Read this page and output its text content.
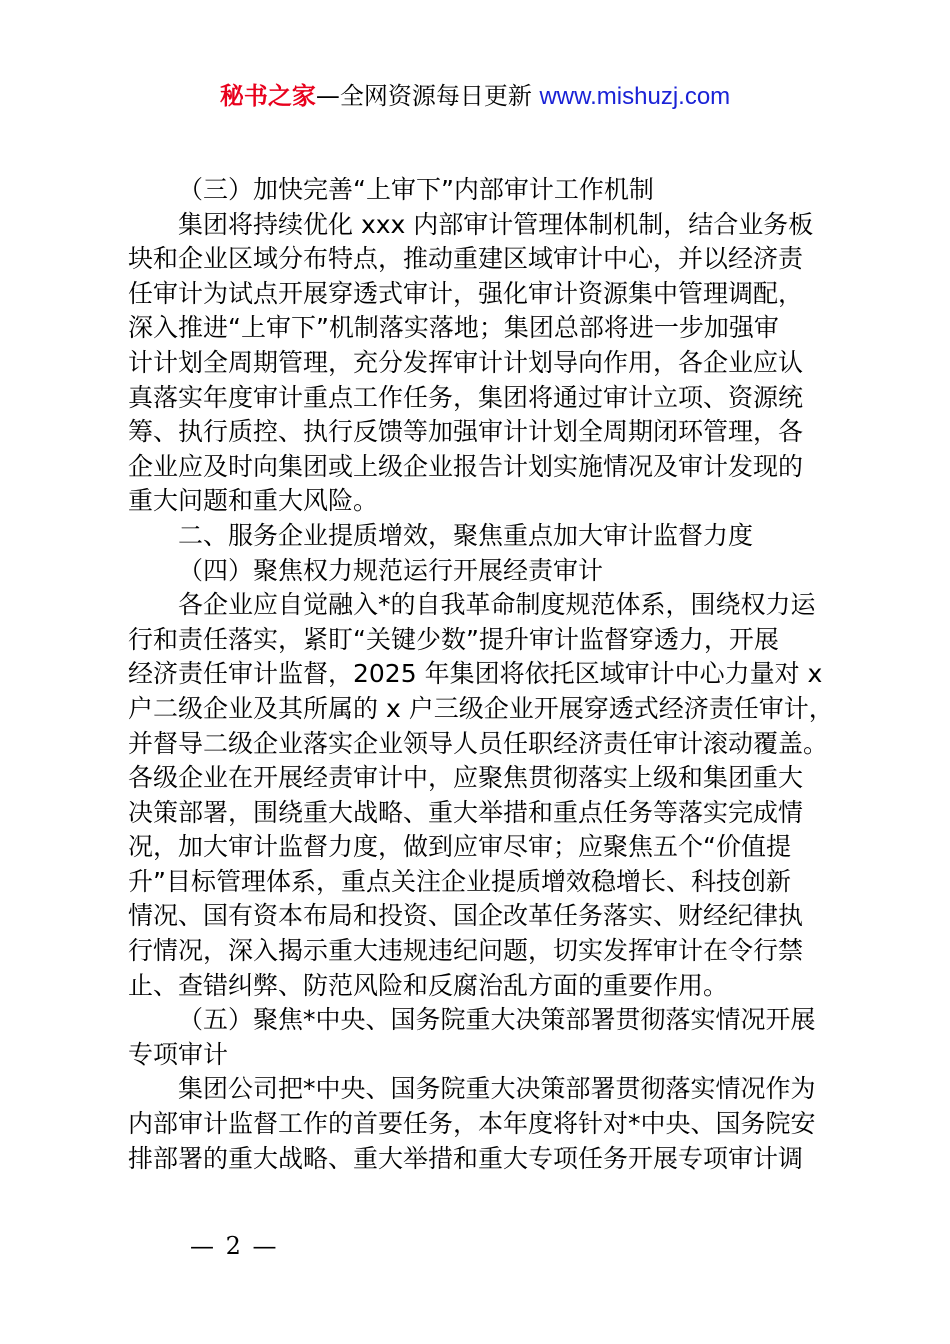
秘书之家—全网资源每日更新 www.mishuzj.com

（三）加快完善“上审下”内部审计工作机制

集团将持续优化 xxx 内部审计管理体制机制，结合业务板
块和企业区域分布特点，推动重建区域审计中心，并以经济责
任审计为试点开展穿透式审计，强化审计资源集中管理调配，
深入推进“上审下”机制落实落地；集团总部将进一步加强审
计计划全周期管理，充分发挥审计计划导向作用，各企业应认
真落实年度审计重点工作任务，集团将通过审计立项、资源统
筹、执行质控、执行反馈等加强审计计划全周期闭环管理，各
企业应及时向集团或上级企业报告计划实施情况及审计发现的
重大问题和重大风险。

二、服务企业提质增效，聚焦重点加大审计监督力度

（四）聚焦权力规范运行开展经责审计

各企业应自觉融入*的自我革命制度规范体系，围绕权力运
行和责任落实，紧盯“关键少数”提升审计监督穿透力，开展
经济责任审计监督，2025 年集团将依托区域审计中心力量对 x
户二级企业及其所属的 x 户三级企业开展穿透式经济责任审计，
并督导二级企业落实企业领导人员任职经济责任审计滚动覆盖。
各级企业在开展经责审计中，应聚焦贯彻落实上级和集团重大
决策部署，围绕重大战略、重大举措和重点任务等落实完成情
况，加大审计监督力度，做到应审尽审；应聚焦五个“价值提
升”目标管理体系，重点关注企业提质增效稳增长、科技创新
情况、国有资本布局和投资、国企改革任务落实、财经纪律执
行情况，深入揭示重大违规违纪问题，切实发挥审计在令行禁
止、查错纠弊、防范风险和反腐治乱方面的重要作用。

（五）聚焦*中央、国务院重大决策部署贯彻落实情况开展
专项审计

集团公司把*中央、国务院重大决策部署贯彻落实情况作为
内部审计监督工作的首要任务，本年度将针对*中央、国务院安
排部署的重大战略、重大举措和重大专项任务开展专项审计调

— 2 —
